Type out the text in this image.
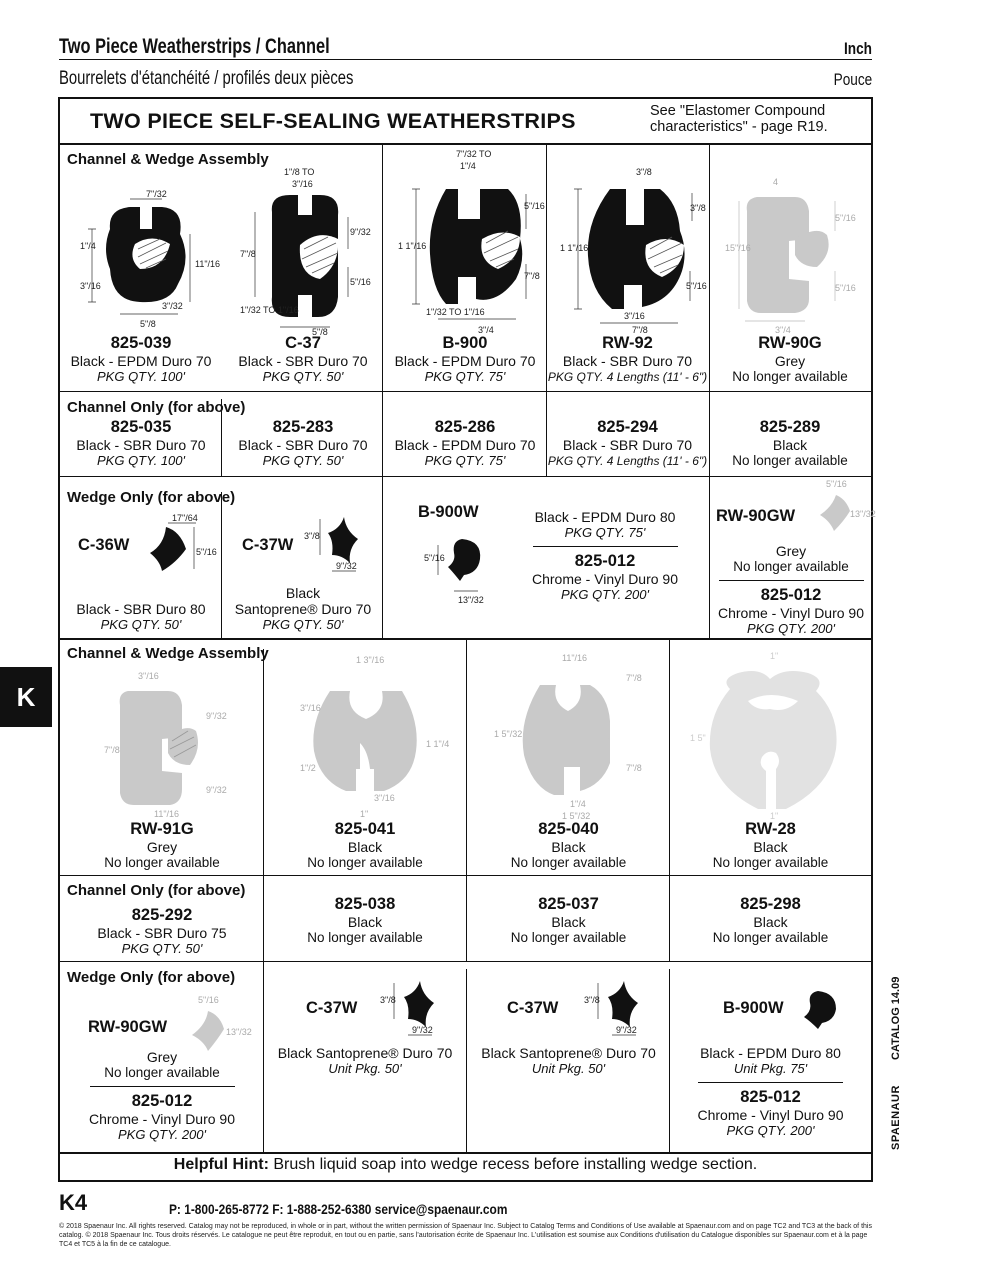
Two Piece Weatherstrips / Channel	Inch
Bourrelets d'étanchéité / profilés deux pièces	Pouce
K
TWO PIECE SELF-SEALING WEATHERSTRIPS	See "Elastomer Compound
characteristics" - page R19.
Channel & Wedge Assembly
7"/32
1"/4
11"/16
3"/16
3"/32
5"/8
825-039
Black - EPDM Duro 70
PKG QTY. 100'
1"/8 TO
3"/16
9"/32
7"/8
5"/16
1"/32 TO 1"/16
5"/8
C-37
Black - SBR Duro 70
PKG QTY. 50'
7"/32 TO
1"/4
1 1"/16
5"/16
7"/8
1"/32 TO 1"/16
3"/4
B-900
Black - EPDM Duro 70
PKG QTY. 75'
3"/8
1 1"/16
3"/8
5"/16
3"/16
7"/8
RW-92
Black - SBR Duro 70
PKG QTY. 4 Lengths (11' - 6")
4
15"/16
5"/16
5"/16
3"/4
RW-90G
Grey
No longer available
Channel Only (for above)
825-035
Black - SBR Duro 70
PKG QTY. 100'
825-283
Black - SBR Duro 70
PKG QTY. 50'
825-286
Black - EPDM Duro 70
PKG QTY. 75'
825-294
Black - SBR Duro 70
PKG QTY. 4 Lengths (11' - 6")
825-289
Black
No longer available
Wedge Only (for above)
C-36W
17"/64
5"/16
Black - SBR Duro 80
PKG QTY. 50'
C-37W 3"/8
9"/32
Black
Santoprene® Duro 70
PKG QTY. 50'
B-900W
5"/16
13"/32
Black - EPDM Duro 80
PKG QTY. 75'
825-012
Chrome - Vinyl Duro 90
PKG QTY. 200'
RW-90GW
5"/16
13"/32
Grey
No longer available
825-012
Chrome - Vinyl Duro 90
PKG QTY. 200'
Channel & Wedge Assembly
3"/16
9"/32
7"/8
9"/32
11"/16
RW-91G
Grey
No longer available
1 3"/16
3"/16
1 1"/4
1"/2
3"/16
1"
825-041
Black
No longer available
11"/16
7"/8
1 5"/32
7"/8
1"/4
1 5"/32
825-040
Black
No longer available
1"
1 5"
1"
RW-28
Black
No longer available
Channel Only (for above)
825-292
Black - SBR Duro 75
PKG QTY. 50'
825-038
Black
No longer available
825-037
Black
No longer available
825-298
Black
No longer available
Wedge Only (for above)
RW-90GW
5"/16
13"/32
Grey
No longer available
825-012
Chrome - Vinyl Duro 90
PKG QTY. 200'
C-37W	3"/8
9"/32
Black Santoprene® Duro 70
Unit Pkg. 50'
C-37W	3"/8
9"/32
Black Santoprene® Duro 70
Unit Pkg. 50'
B-900W
Black - EPDM Duro 80
Unit Pkg. 75'
825-012
Chrome - Vinyl Duro 90
PKG QTY. 200'
Helpful Hint: Brush liquid soap into wedge recess before installing wedge section.
CATALOG 14.09
SPAENAUR
K4	P: 1-800-265-8772 F: 1-888-252-6380 service@spaenaur.com
© 2018 Spaenaur Inc. All rights reserved. Catalog may not be reproduced, in whole or in part, without the written permission of Spaenaur Inc. Subject to Catalog Terms and Conditions of Use available at Spaenaur.com and on page TC2 and TC3 at the back of this catalog. © 2018 Spaenaur Inc. Tous droits réservés. Le catalogue ne peut être reproduit, en tout ou en partie, sans l'autorisation écrite de Spaenaur Inc. L'utilisation est soumise aux Conditions d'utilisation du Catalogue disponibles sur Spaenaur.com et à la page TC4 et TC5 à la fin de ce catalogue.
